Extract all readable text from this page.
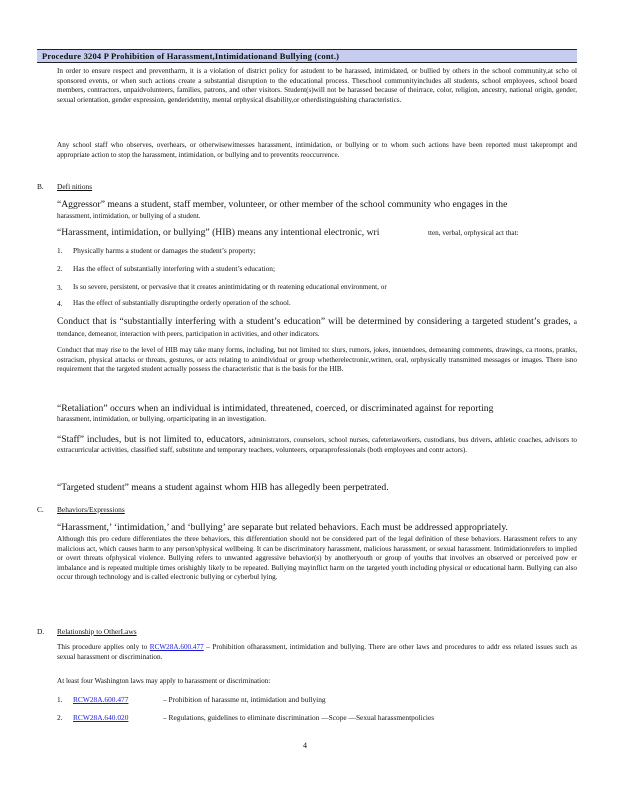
Procedure 3204 P Prohibition of Harassment,Intimidationand Bullying (cont.)
In order to ensure respect and preventharm, it is a violation of district policy for astudent to be harassed, intimidated, or bullied by others in the school community,at scho ol sponsored events, or when such actions create a substantial disruption to the educational process. Theschool communityincludes all students, school employees, school board members, contractors, unpaidvolunteers, families, patrons, and other visitors. Student(s)will not be harassed because of theirrace, color, religion, ancestry, national origin, gender, sexual orientation, gender expression, genderidentity, mental orphysical disability,or otherdistinguishing characteristics.
Any school staff who observes, overhears, or otherwisewitnesses harassment, intimidation, or bullying or to whom such actions have been reported must takeprompt and appropriate action to stop the harassment, intimidation, or bullying and to preventits reoccurrence.
B. Defi nitions
“Aggressor” means a student, staff member, volunteer, or other member of the school community who engages in the
harassment, intimidation, or bullying of a student.
“Harassment, intimidation, or bullying” (HIB) means any intentional electronic, wri	tten, verbal, orphysical act that:
1. Physically harms a student or damages the student’s property;
2. Has the effect of substantially interfering with a student’s education;
3. Is so severe, persistent, or pervasive that it creates anintimidating or th reatening educational environment, or
4. Has the effect of substantially disruptingthe orderly operation of the school.
Conduct that is “substantially interfering with a student’s education” will be determined by considering a targeted student’s grades, a ttendance, demeanor, interaction with peers, participation in activities, and other indicators.
Conduct that may rise to the level of HIB may take many forms, including, but not limited to: slurs, rumors, jokes, innuendoes, demeaning comments, drawings, ca rtoons, pranks, ostracism, physical attacks or threats, gestures, or acts relating to anindividual or group whetherelectronic,written, oral, orphysically transmitted messages or images. There isno requirement that the targeted student actually possess the characteristic that is the basis for the HIB.
“Retaliation” occurs when an individual is intimidated, threatened, coerced, or discriminated against for reporting
harassment, intimidation, or bullying, orparticipating in an investigation.
“Staff” includes, but is not limited to, educators, administrators, counselors, school nurses, cafeteriaworkers, custodians, bus drivers, athletic coaches, advisors to extracurricular activities, classified staff, substitute and temporary teachers, volunteers, orparaprofessionals (both employees and contr actors).
“Targeted student” means a student against whom HIB has allegedly been perpetrated.
C. Behaviors/Expressions
“Harassment,’ ‘intimidation,’ and ‘bullying’ are separate but related behaviors. Each must be addressed appropriately.
Although this pro cedure differentiates the three behaviors, this differentiation should not be considered part of the legal definition of these behaviors. Harassment refers to any malicious act, which causes harm to any person'sphysical wellbeing. It can be discriminatory harassment, malicious harassment, or sexual harassment. Intimidationrefers to implied or overt threats ofphysical violence. Bullying refers to unwanted aggressive behavior(s) by anotheryouth or group of youths that involves an observed or perceived pow er imbalance and is repeated multiple times orishighly likely to be repeated. Bullying mayinflict harm on the targeted youth including physical or educational harm. Bullying can also occur through technology and is called electronic bullying or cyberbul lying.
D. Relationship to OtherLaws
This procedure applies only to RCW28A.600.477 – Prohibition ofharassment, intimidation and bullying. There are other laws and procedures to addr ess related issues such as sexual harassment or discrimination.
At least four Washington laws may apply to harassment or discrimination:
1. RCW28A.600.477	– Prohibition of harassme nt, intimidation and bullying
2. RCW28A.640.020	– Regulations, guidelines to eliminate discrimination —Scope —Sexual harassmentpolicies
4
